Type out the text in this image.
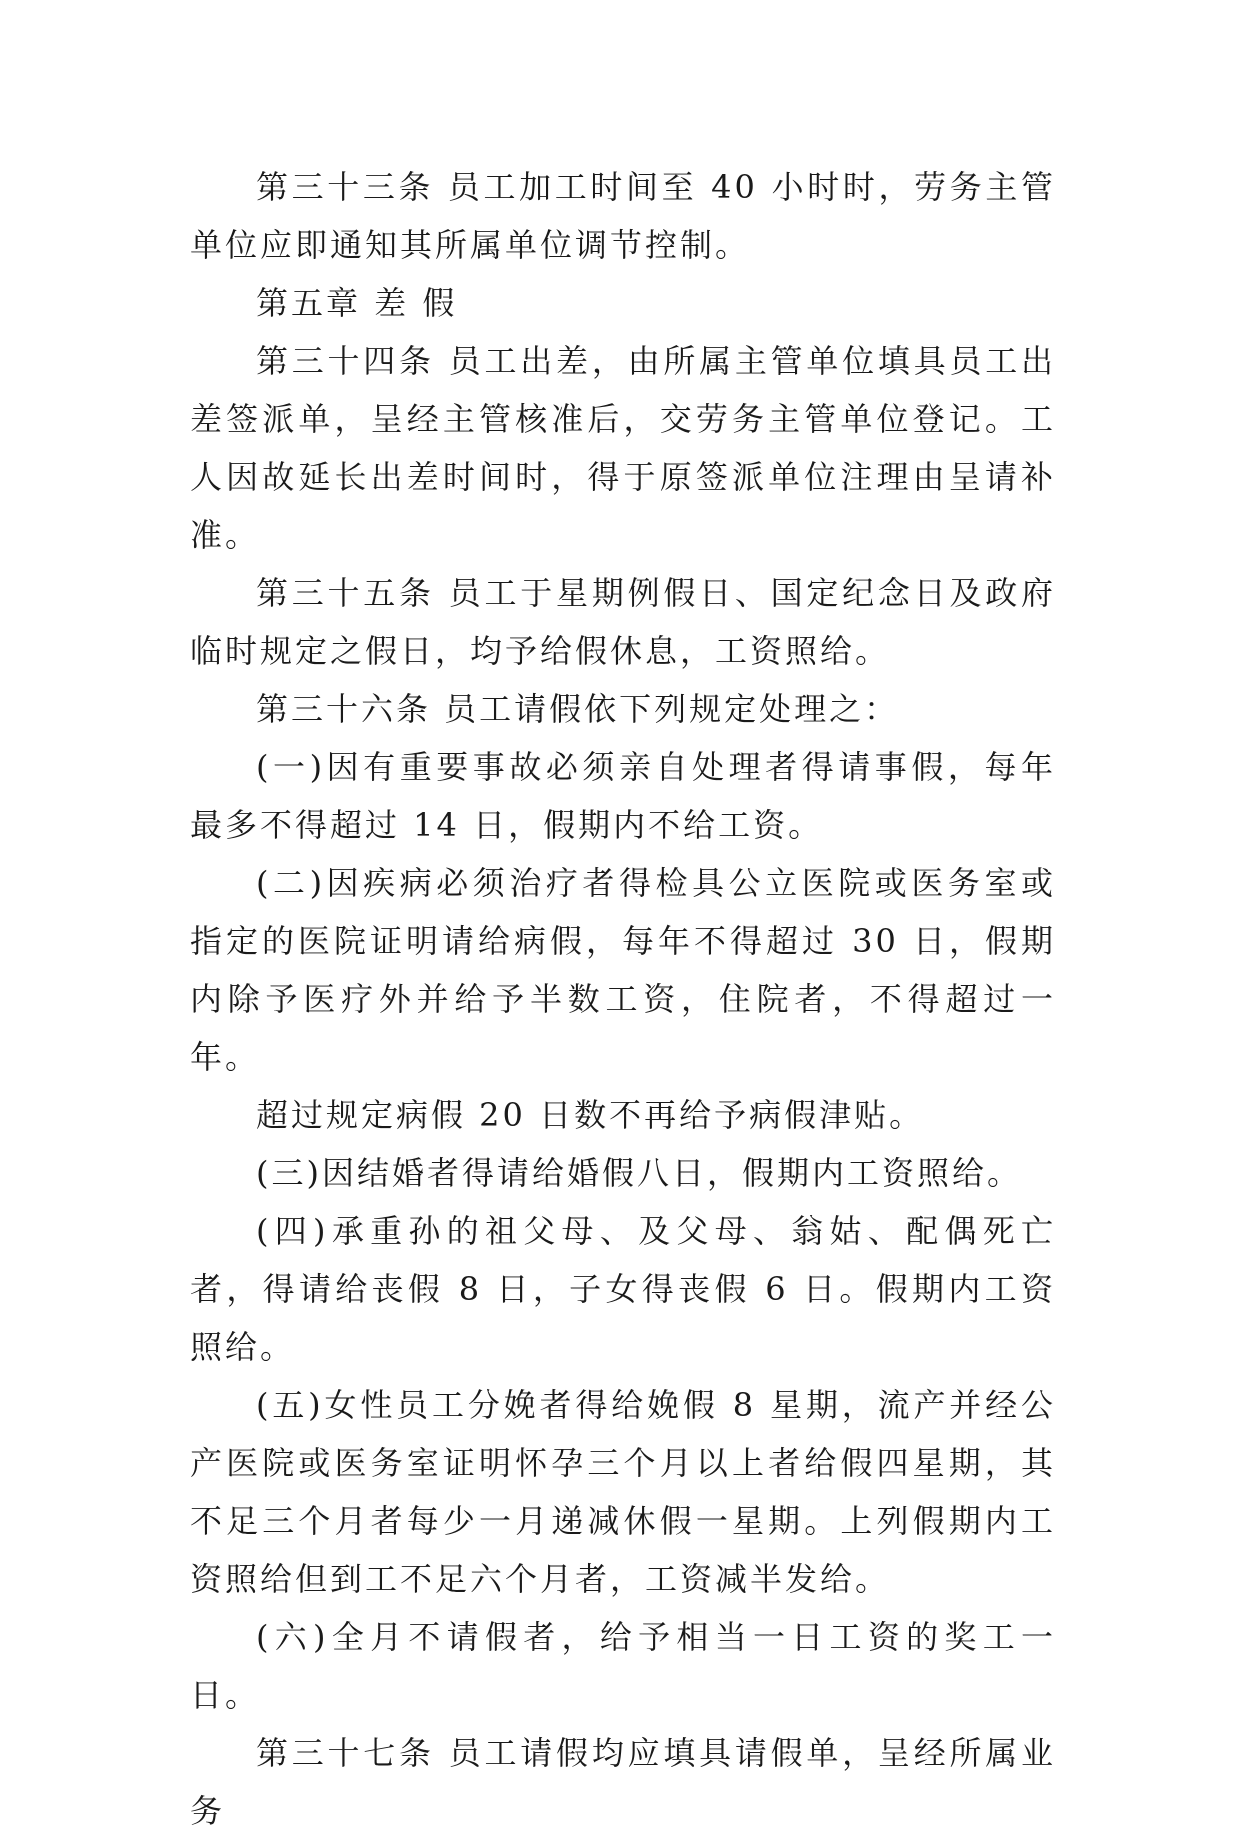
第三十三条 员工加工时间至 40 小时时，劳务主管单位应即通知其所属单位调节控制。

第五章 差 假

第三十四条 员工出差，由所属主管单位填具员工出差签派单，呈经主管核准后，交劳务主管单位登记。工人因故延长出差时间时，得于原签派单位注理由呈请补准。

第三十五条 员工于星期例假日、国定纪念日及政府临时规定之假日，均予给假休息，工资照给。

第三十六条 员工请假依下列规定处理之：

(一)因有重要事故必须亲自处理者得请事假，每年最多不得超过 14 日，假期内不给工资。

(二)因疾病必须治疗者得检具公立医院或医务室或指定的医院证明请给病假，每年不得超过 30 日，假期内除予医疗外并给予半数工资，住院者，不得超过一年。

超过规定病假 20 日数不再给予病假津贴。

(三)因结婚者得请给婚假八日，假期内工资照给。

(四)承重孙的祖父母、及父母、翁姑、配偶死亡者，得请给丧假 8 日，子女得丧假 6 日。假期内工资照给。

(五)女性员工分娩者得给娩假 8 星期，流产并经公产医院或医务室证明怀孕三个月以上者给假四星期，其不足三个月者每少一月递减休假一星期。上列假期内工资照给但到工不足六个月者，工资减半发给。

(六)全月不请假者，给予相当一日工资的奖工一日。

第三十七条 员工请假均应填具请假单，呈经所属业务
